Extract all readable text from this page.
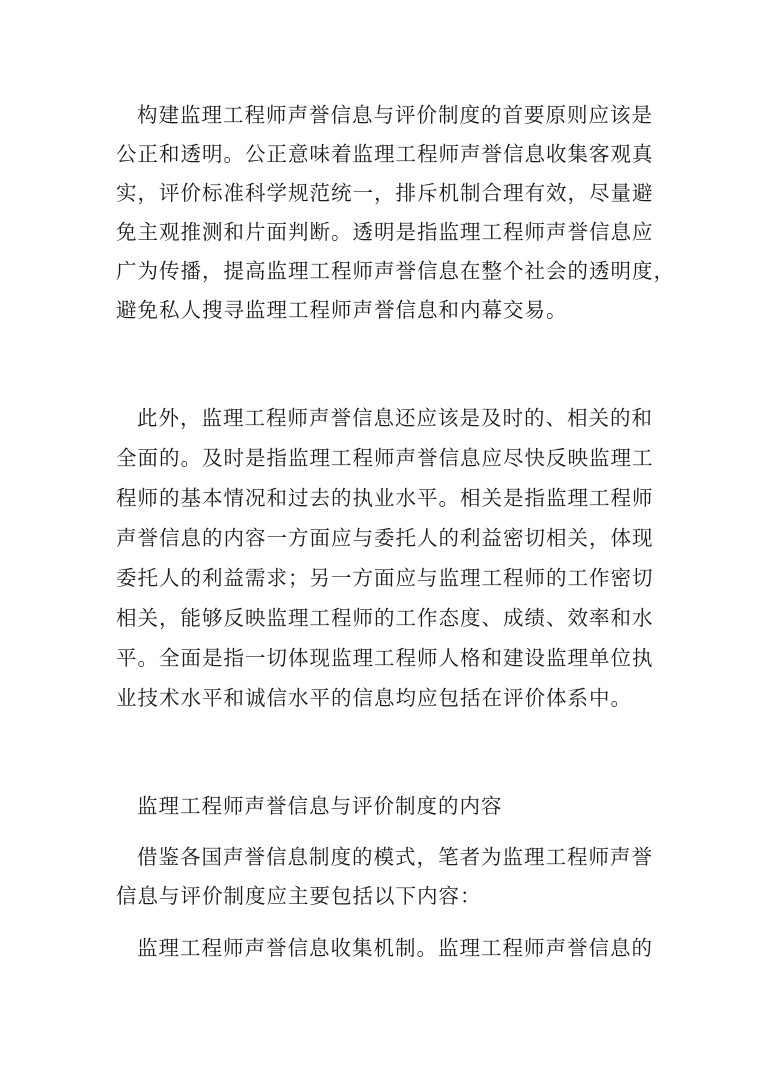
构建监理工程师声誉信息与评价制度的首要原则应该是
公正和透明。公正意味着监理工程师声誉信息收集客观真
实，评价标准科学规范统一，排斥机制合理有效，尽量避
免主观推测和片面判断。透明是指监理工程师声誉信息应
广为传播，提高监理工程师声誉信息在整个社会的透明度，
避免私人搜寻监理工程师声誉信息和内幕交易。
此外，监理工程师声誉信息还应该是及时的、相关的和
全面的。及时是指监理工程师声誉信息应尽快反映监理工
程师的基本情况和过去的执业水平。相关是指监理工程师
声誉信息的内容一方面应与委托人的利益密切相关，体现
委托人的利益需求；另一方面应与监理工程师的工作密切
相关，能够反映监理工程师的工作态度、成绩、效率和水
平。全面是指一切体现监理工程师人格和建设监理单位执
业技术水平和诚信水平的信息均应包括在评价体系中。
监理工程师声誉信息与评价制度的内容
借鉴各国声誉信息制度的模式，笔者为监理工程师声誉
信息与评价制度应主要包括以下内容：
监理工程师声誉信息收集机制。监理工程师声誉信息的
